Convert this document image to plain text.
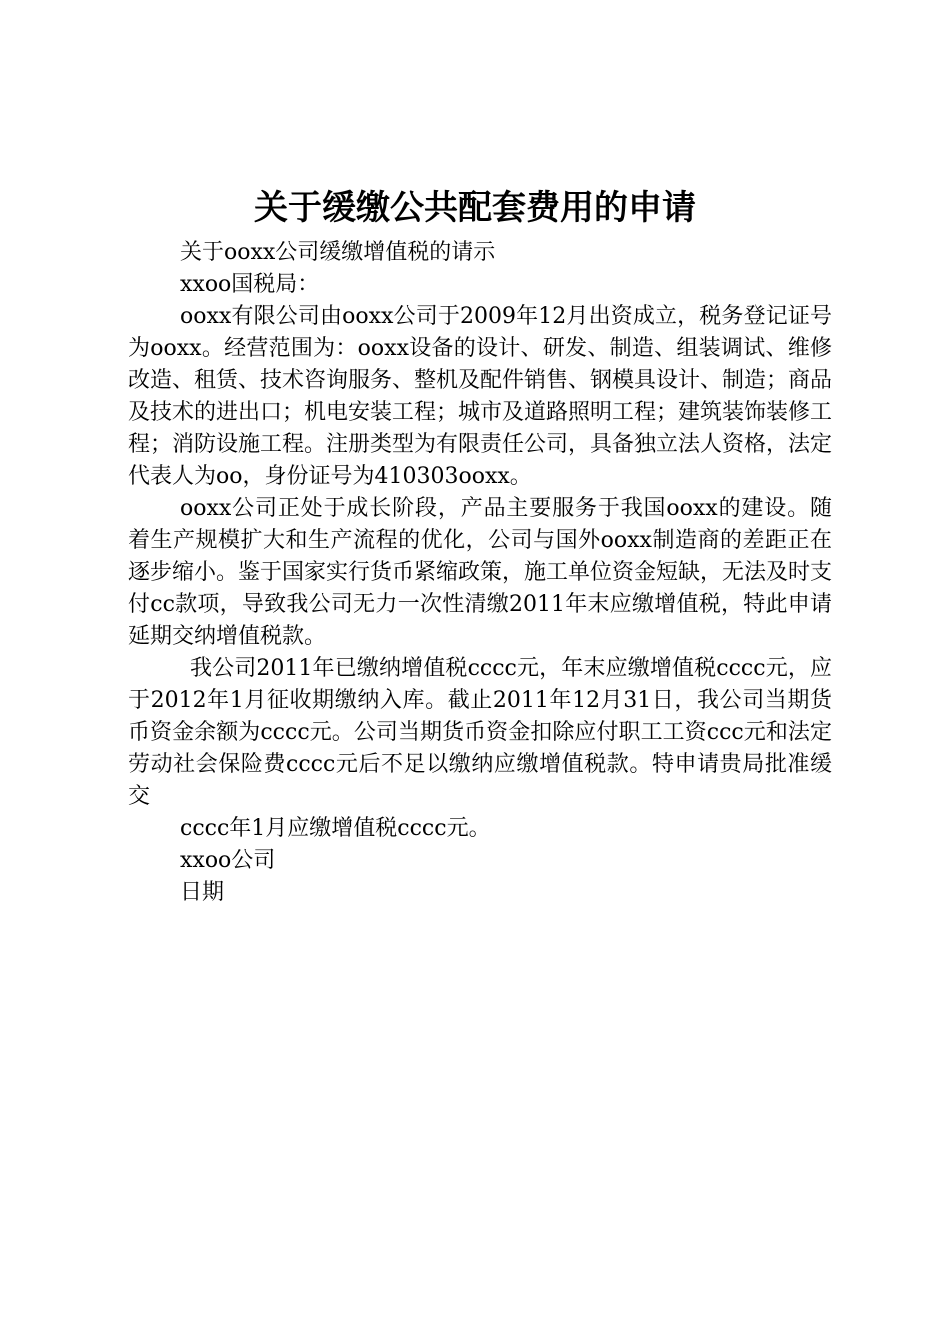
关于缓缴公共配套费用的申请

关于ooxx公司缓缴增值税的请示

xxoo国税局：

ooxx有限公司由ooxx公司于2009年12月出资成立，税务登记证号为ooxx。经营范围为：ooxx设备的设计、研发、制造、组装调试、维修改造、租赁、技术咨询服务、整机及配件销售、钢模具设计、制造；商品及技术的进出口；机电安装工程；城市及道路照明工程；建筑装饰装修工程；消防设施工程。注册类型为有限责任公司，具备独立法人资格，法定代表人为oo，身份证号为410303ooxx。

ooxx公司正处于成长阶段，产品主要服务于我国ooxx的建设。随着生产规模扩大和生产流程的优化，公司与国外ooxx制造商的差距正在逐步缩小。鉴于国家实行货币紧缩政策，施工单位资金短缺，无法及时支付cc款项，导致我公司无力一次性清缴2011年末应缴增值税，特此申请延期交纳增值税款。

我公司2011年已缴纳增值税cccc元，年末应缴增值税cccc元，应于2012年1月征收期缴纳入库。截止2011年12月31日，我公司当期货币资金余额为cccc元。公司当期货币资金扣除应付职工工资ccc元和法定劳动社会保险费cccc元后不足以缴纳应缴增值税款。特申请贵局批准缓交

cccc年1月应缴增值税cccc元。

xxoo公司

日期
